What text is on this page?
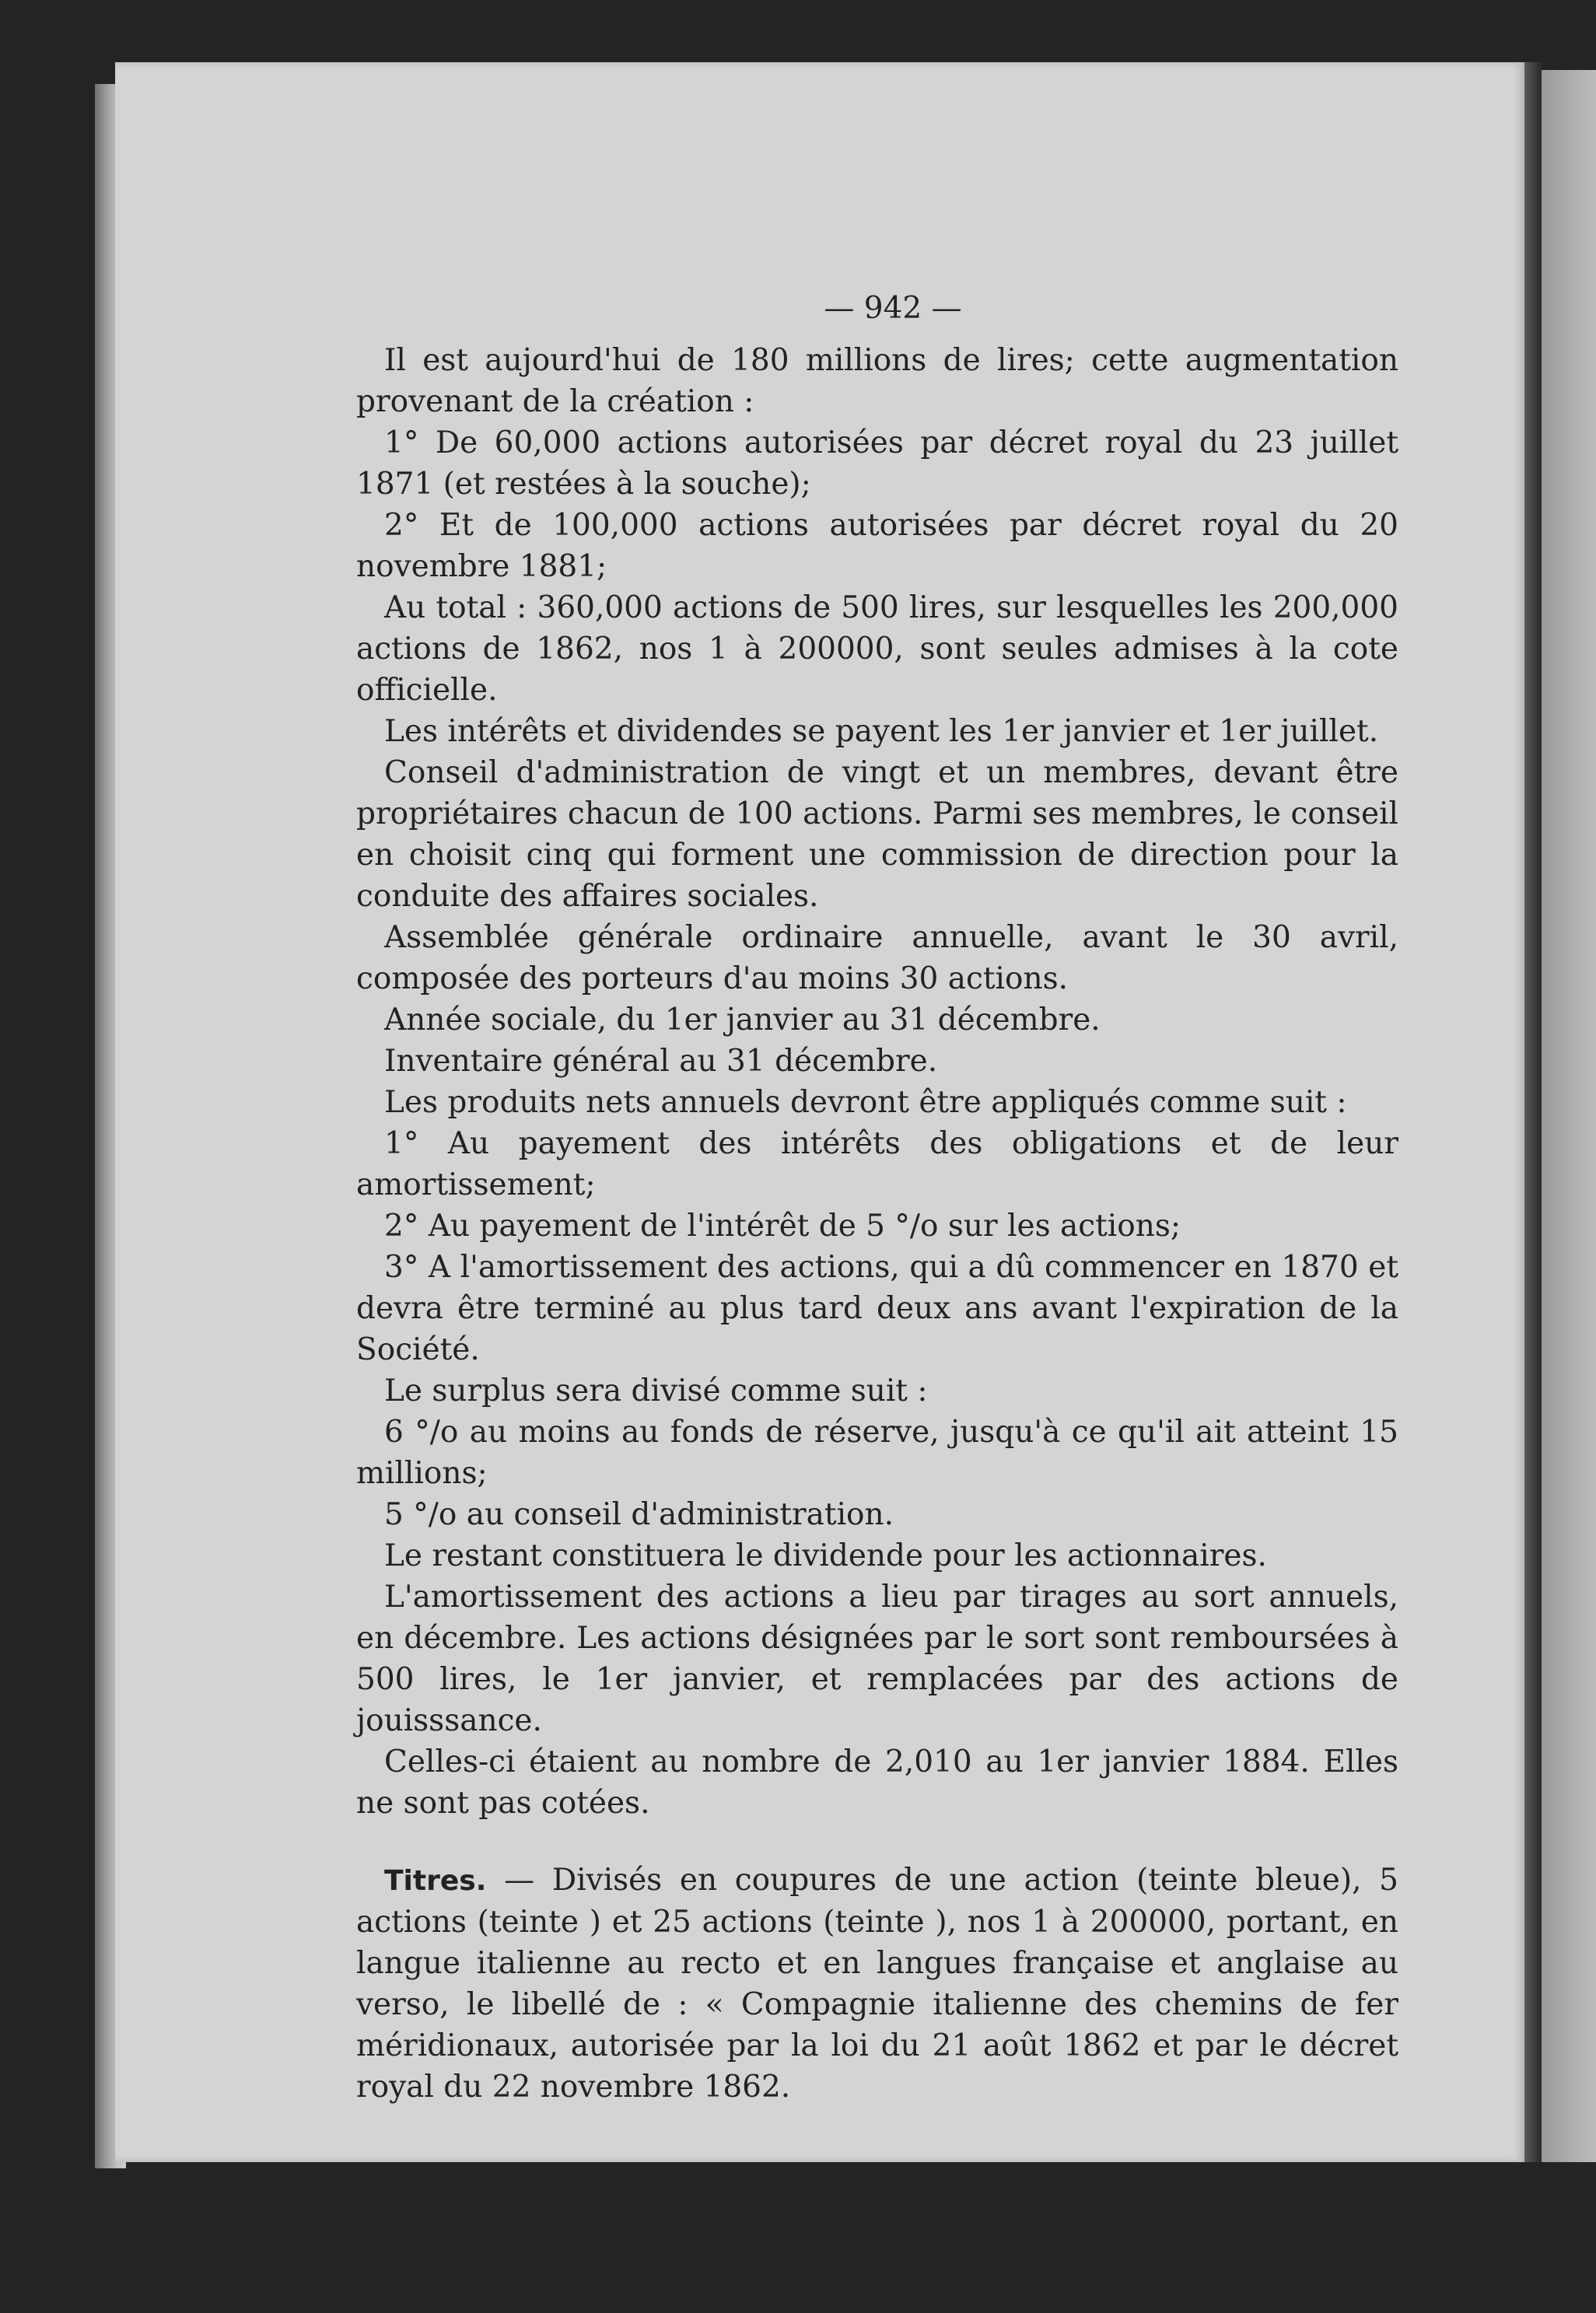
— 942 —

Il est aujourd'hui de 180 millions de lires; cette augmentation provenant de la création :

1° De 60,000 actions autorisées par décret royal du 23 juillet 1871 (et restées à la souche);

2° Et de 100,000 actions autorisées par décret royal du 20 novembre 1881;

Au total : 360,000 actions de 500 lires, sur lesquelles les 200,000 actions de 1862, nos 1 à 200000, sont seules admises à la cote officielle.

Les intérêts et dividendes se payent les 1er janvier et 1er juillet.

Conseil d'administration de vingt et un membres, devant être propriétaires chacun de 100 actions. Parmi ses membres, le conseil en choisit cinq qui forment une commission de direction pour la conduite des affaires sociales.

Assemblée générale ordinaire annuelle, avant le 30 avril, composée des porteurs d'au moins 30 actions.

Année sociale, du 1er janvier au 31 décembre.

Inventaire général au 31 décembre.

Les produits nets annuels devront être appliqués comme suit :

1° Au payement des intérêts des obligations et de leur amortissement;

2° Au payement de l'intérêt de 5 °/o sur les actions;

3° A l'amortissement des actions, qui a dû commencer en 1870 et devra être terminé au plus tard deux ans avant l'expiration de la Société.

Le surplus sera divisé comme suit :

6 °/o au moins au fonds de réserve, jusqu'à ce qu'il ait atteint 15 millions;

5 °/o au conseil d'administration.

Le restant constituera le dividende pour les actionnaires.

L'amortissement des actions a lieu par tirages au sort annuels, en décembre. Les actions désignées par le sort sont remboursées à 500 lires, le 1er janvier, et remplacées par des actions de jouisssance.

Celles-ci étaient au nombre de 2,010 au 1er janvier 1884. Elles ne sont pas cotées.

Titres. — Divisés en coupures de une action (teinte bleue), 5 actions (teinte ) et 25 actions (teinte ), nos 1 à 200000, portant, en langue italienne au recto et en langues française et anglaise au verso, le libellé de : « Compagnie italienne des chemins de fer méridionaux, autorisée par la loi du 21 août 1862 et par le décret royal du 22 novembre 1862.
